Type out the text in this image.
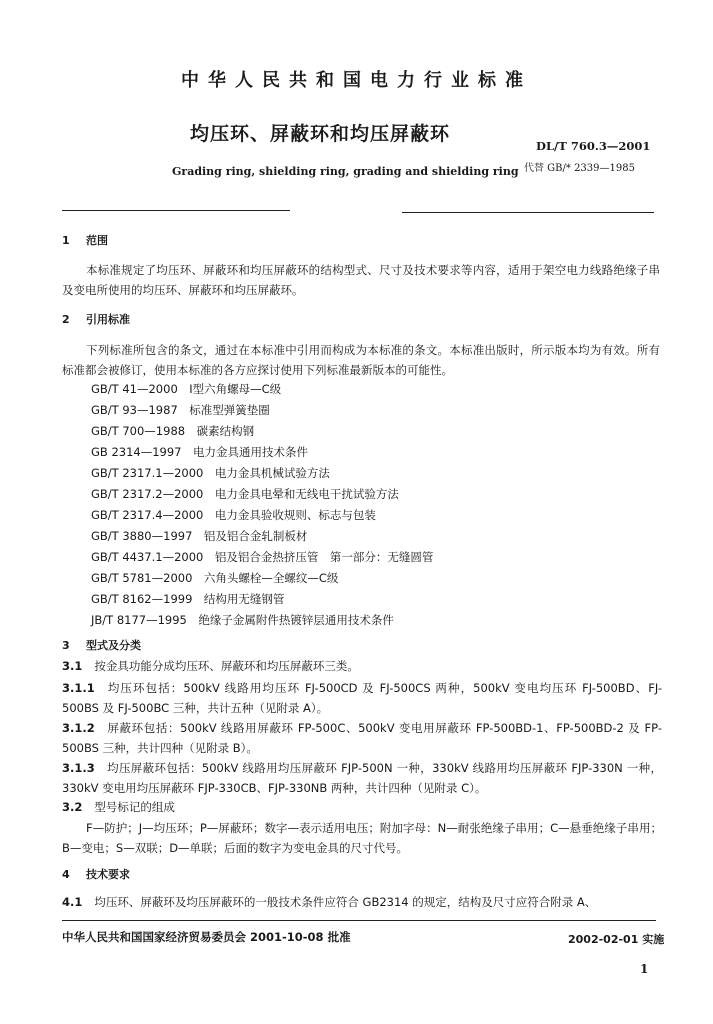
中华人民共和国电力行业标准
均压环、屏蔽环和均压屏蔽环
DL/T 760.3—2001
代替 GB/* 2339—1985
Grading ring, shielding ring, grading and shielding ring
1 范围
本标准规定了均压环、屏蔽环和均压屏蔽环的结构型式、尺寸及技术要求等内容，适用于架空电力线路绝缘子串及变电所使用的均压环、屏蔽环和均压屏蔽环。
2 引用标准
下列标准所包含的条文，通过在本标准中引用而构成为本标准的条文。本标准出版时，所示版本均为有效。所有标准都会被修订，使用本标准的各方应探讨使用下列标准最新版本的可能性。
GB/T 41—2000　Ⅰ型六角螺母—C级
GB/T 93—1987　标准型弹簧垫圈
GB/T 700—1988　碳素结构钢
GB 2314—1997　电力金具通用技术条件
GB/T 2317.1—2000　电力金具机械试验方法
GB/T 2317.2—2000　电力金具电晕和无线电干扰试验方法
GB/T 2317.4—2000　电力金具验收规则、标志与包装
GB/T 3880—1997　铝及铝合金轧制板材
GB/T 4437.1—2000　铝及铝合金热挤压管　第一部分：无缝圆管
GB/T 5781—2000　六角头螺栓—全螺纹—C级
GB/T 8162—1999　结构用无缝钢管
JB/T 8177—1995　绝缘子金属附件热镀锌层通用技术条件
3 型式及分类
3.1 按金具功能分成均压环、屏蔽环和均压屏蔽环三类。
3.1.1 均压环包括：500kV 线路用均压环 FJ-500CD 及 FJ-500CS 两种，500kV 变电均压环 FJ-500BD、FJ-500BS 及 FJ-500BC 三种，共计五种（见附录 A）。
3.1.2 屏蔽环包括：500kV 线路用屏蔽环 FP-500C、500kV 变电用屏蔽环 FP-500BD-1、FP-500BD-2 及 FP-500BS 三种，共计四种（见附录 B）。
3.1.3 均压屏蔽环包括：500kV 线路用均压屏蔽环 FJP-500N 一种，330kV 线路用均压屏蔽环 FJP-330N 一种，330kV 变电用均压屏蔽环 FJP-330CB、FJP-330NB 两种，共计四种（见附录 C）。
3.2 型号标记的组成
F—防护；J—均压环；P—屏蔽环；数字—表示适用电压；附加字母：N—耐张绝缘子串用；C—悬垂绝缘子串用；B—变电；S—双联；D—单联；后面的数字为变电金具的尺寸代号。
4 技术要求
4.1 均压环、屏蔽环及均压屏蔽环的一般技术条件应符合 GB2314 的规定，结构及尺寸应符合附录 A、
中华人民共和国国家经济贸易委员会 2001-10-08 批准	2002-02-01 实施
1
